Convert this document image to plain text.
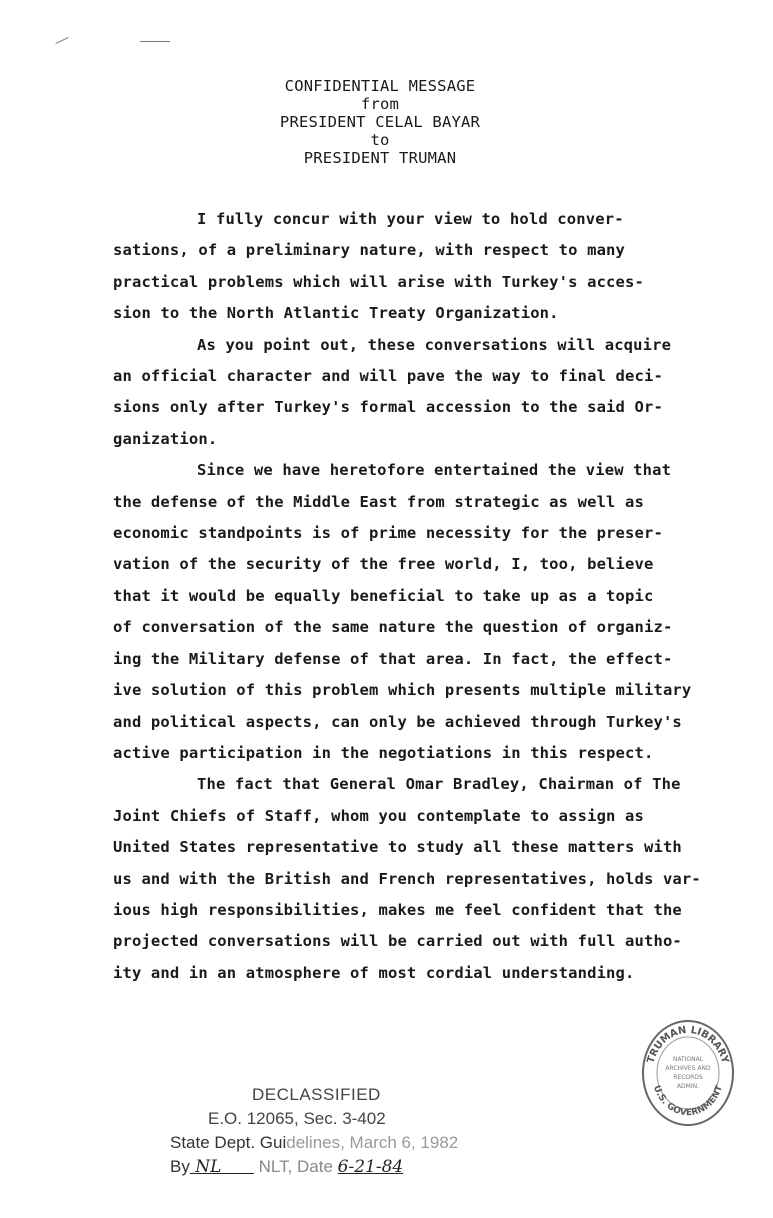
CONFIDENTIAL MESSAGE
from
PRESIDENT CELAL BAYAR
to
PRESIDENT TRUMAN
I fully concur with your view to hold conver-
sations, of a preliminary nature, with respect to many
practical problems which will arise with Turkey's acces-
sion to the North Atlantic Treaty Organization.
As you point out, these conversations will acquire
an official character and will pave the way to final deci-
sions only after Turkey's formal accession to the said Or-
ganization.
Since we have heretofore entertained the view that
the defense of the Middle East from strategic as well as
economic standpoints is of prime necessity for the preser-
vation of the security of the free world, I, too, believe
that it would be equally beneficial to take up as a topic
of conversation of the same nature the question of organiz-
ing the Military defense of that area. In fact, the effect-
ive solution of this problem which presents multiple military
and political aspects, can only be achieved through Turkey's
active participation in the negotiations in this respect.
The fact that General Omar Bradley, Chairman of The
Joint Chiefs of Staff, whom you contemplate to assign as
United States representative to study all these matters with
us and with the British and French representatives, holds var-
ious high responsibilities, makes me feel confident that the
projected conversations will be carried out with full autho-
ity and in an atmosphere of most cordial understanding.
DECLASSIFIED
E.O. 12065, Sec. 3-402
State Dept. Guidelines, March 6, 1982
By NL NLT, Date 6-21-84
TRUMAN LIBRARY
U.S. GOVERNMENT
NATIONAL
ARCHIVES AND
RECORDS
ADMIN.
